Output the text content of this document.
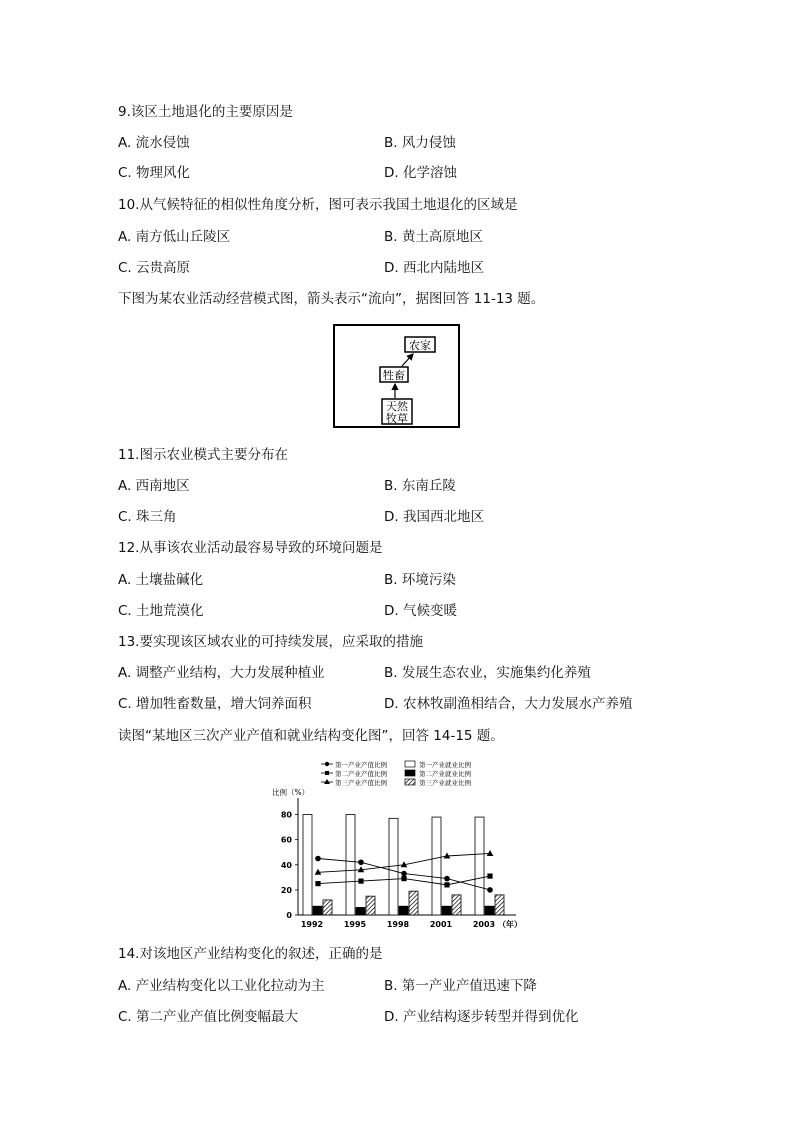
9.该区土地退化的主要原因是
A. 流水侵蚀	B. 风力侵蚀
C. 物理风化	D. 化学溶蚀
10.从气候特征的相似性角度分析，图可表示我国土地退化的区域是
A. 南方低山丘陵区	B. 黄土高原地区
C. 云贵高原	D. 西北内陆地区
下图为某农业活动经营模式图，箭头表示“流向”，据图回答 11-13 题。
农家
牲畜
天然
牧草
11.图示农业模式主要分布在
A. 西南地区	B. 东南丘陵
C. 珠三角	D. 我国西北地区
12.从事该农业活动最容易导致的环境问题是
A. 土壤盐碱化	B. 环境污染
C. 土地荒漠化	D. 气候变暖
13.要实现该区域农业的可持续发展，应采取的措施
A. 调整产业结构，大力发展种植业	B. 发展生态农业，实施集约化养殖
C. 增加牲畜数量，增大饲养面积	D. 农林牧副渔相结合，大力发展水产养殖
读图“某地区三次产业产值和就业结构变化图”，回答 14-15 题。
第一产业产值比例	第一产业就业比例
第二产业产值比例	第二产业就业比例
第三产业产值比例	第三产业就业比例
比例（%）
0
20
40
60
80
1992	1995	1998	2001	2003 （年）
14.对该地区产业结构变化的叙述，正确的是
A. 产业结构变化以工业化拉动为主	B. 第一产业产值迅速下降
C. 第二产业产值比例变幅最大	D. 产业结构逐步转型并得到优化
